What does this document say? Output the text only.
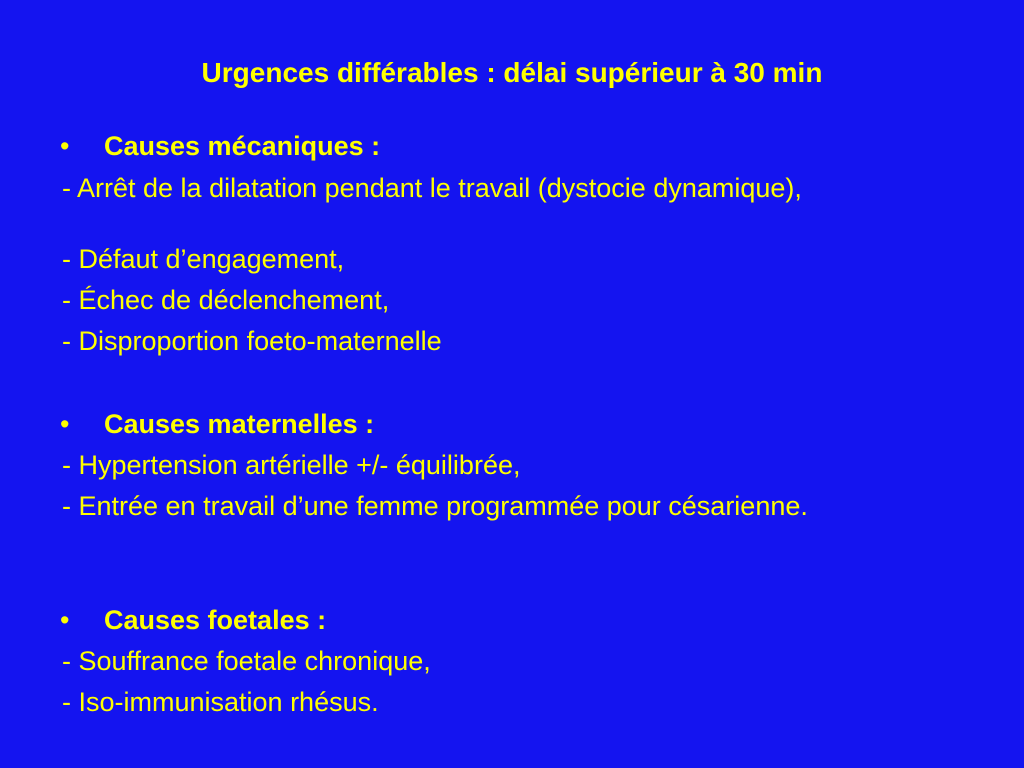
Urgences différables : délai supérieur à 30 min
• Causes mécaniques :
- Arrêt de la dilatation pendant le travail (dystocie dynamique),
- Défaut d’engagement,
- Échec de déclenchement,
- Disproportion foeto-maternelle
• Causes maternelles :
- Hypertension artérielle +/- équilibrée,
- Entrée en travail d’une femme programmée pour césarienne.
• Causes foetales :
- Souffrance foetale chronique,
- Iso-immunisation rhésus.
